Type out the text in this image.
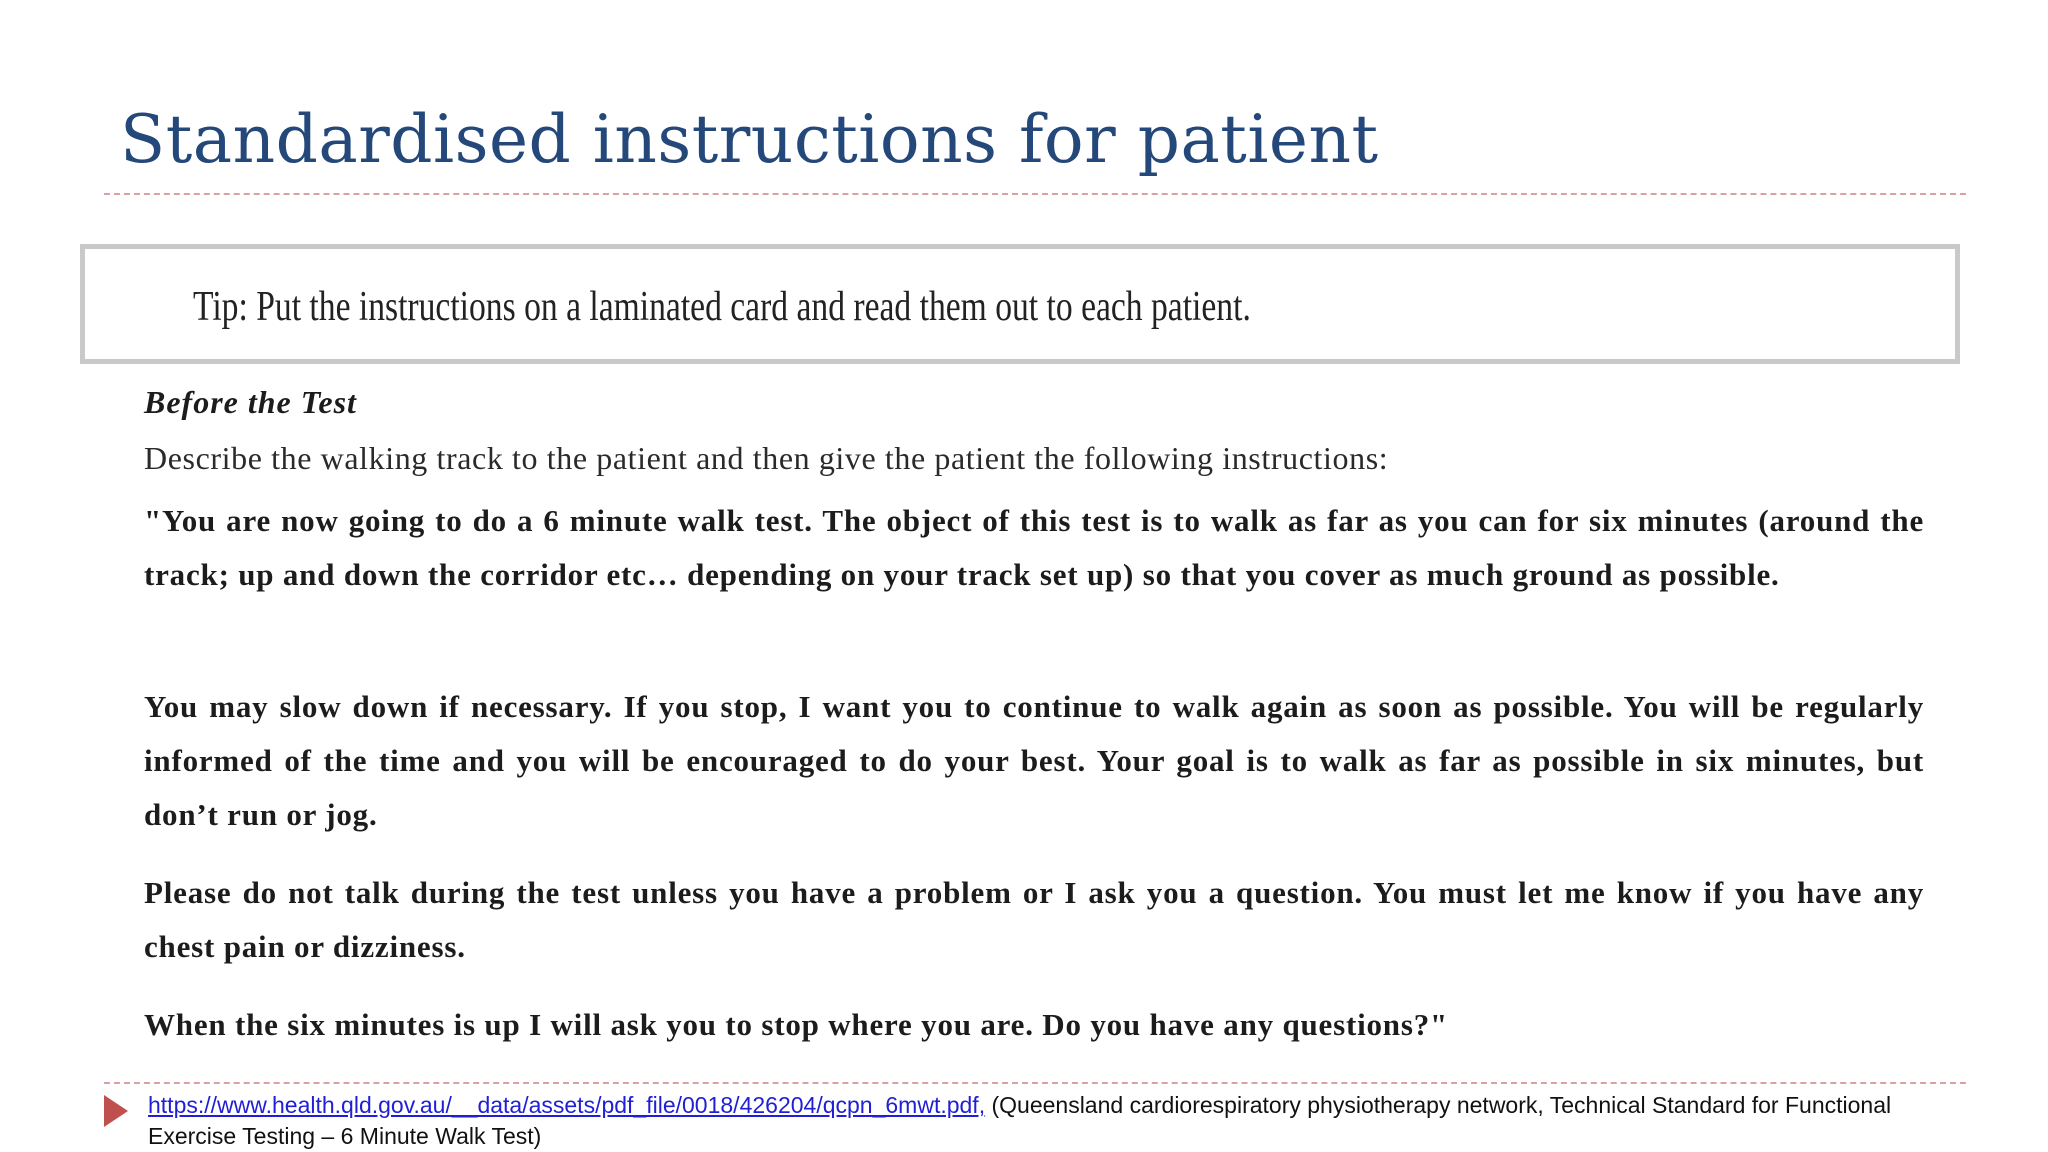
Standardised instructions for patient
Tip: Put the instructions on a laminated card and read them out to each patient.
Before the Test
Describe the walking track to the patient and then give the patient the following instructions:
"You are now going to do a 6 minute walk test. The object of this test is to walk as far as you can for six minutes (around the track; up and down the corridor etc… depending on your track set up) so that you cover as much ground as possible.
You may slow down if necessary. If you stop, I want you to continue to walk again as soon as possible. You will be regularly informed of the time and you will be encouraged to do your best. Your goal is to walk as far as possible in six minutes, but don’t run or jog.
Please do not talk during the test unless you have a problem or I ask you a question. You must let me know if you have any chest pain or dizziness.
When the six minutes is up I will ask you to stop where you are. Do you have any questions?"
https://www.health.qld.gov.au/__data/assets/pdf_file/0018/426204/qcpn_6mwt.pdf, (Queensland cardiorespiratory physiotherapy network, Technical Standard for Functional Exercise Testing – 6 Minute Walk Test)
